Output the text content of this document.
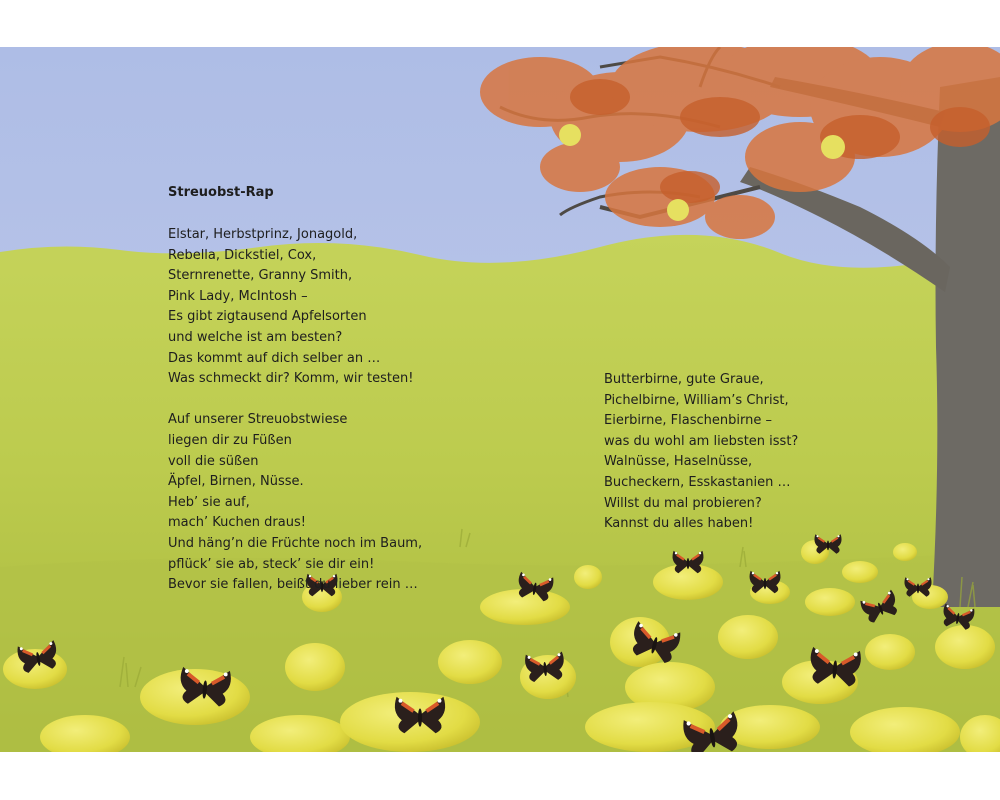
Streuobst-Rap
Elstar, Herbstprinz, Jonagold,
Rebella, Dickstiel, Cox,
Sternrenette, Granny Smith,
Pink Lady, McIntosh –
Es gibt zigtausend Apfelsorten
und welche ist am besten?
Das kommt auf dich selber an …
Was schmeckt dir? Komm, wir testen!
Auf unserer Streuobstwiese
liegen dir zu Füßen
voll die süßen
Äpfel, Birnen, Nüsse.
Heb’ sie auf,
mach’ Kuchen draus!
Und häng’n die Früchte noch im Baum,
pflück’ sie ab, steck’ sie dir ein!
Bevor sie fallen, beißt du lieber rein …
Butterbirne, gute Graue,
Pichelbirne, William’s Christ,
Eierbirne, Flaschenbirne –
was du wohl am liebsten isst?
Walnüsse, Haselnüsse,
Bucheckern, Esskastanien …
Willst du mal probieren?
Kannst du alles haben!
